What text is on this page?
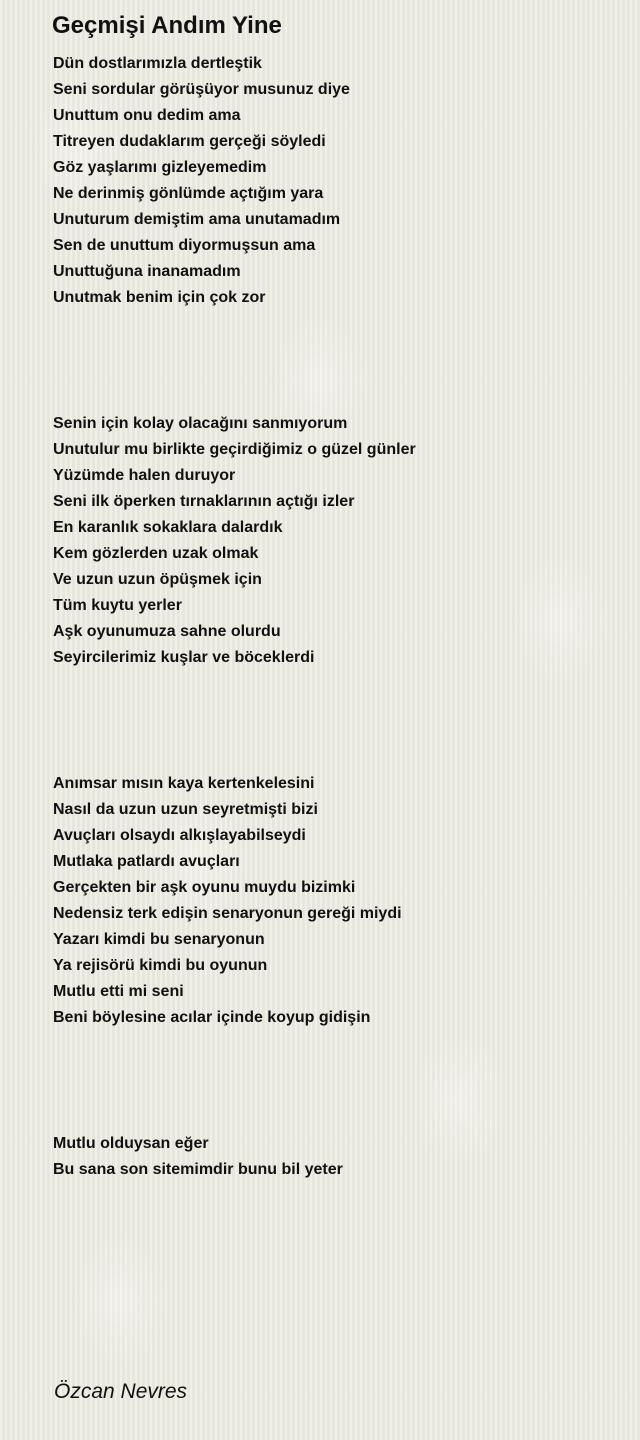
Geçmişi Andım Yine
Dün dostlarımızla dertleştik
Seni sordular görüşüyor musunuz diye
Unuttum onu dedim ama
Titreyen dudaklarım gerçeği söyledi
Göz yaşlarımı gizleyemedim
Ne derinmiş gönlümde açtığım yara
Unuturum demiştim ama unutamadım
Sen de unuttum diyormuşsun ama
Unuttuğuna inanamadım
Unutmak benim için çok zor
Senin için kolay olacağını sanmıyorum
Unutulur mu birlikte geçirdiğimiz o güzel günler
Yüzümde halen duruyor
Seni ilk öperken tırnaklarının açtığı izler
En karanlık sokaklara dalardık
Kem gözlerden uzak olmak
Ve uzun uzun öpüşmek için
Tüm kuytu yerler
Aşk oyunumuza sahne olurdu
Seyircilerimiz kuşlar ve böceklerdi
Anımsar mısın kaya kertenkelesini
Nasıl da uzun uzun seyretmişti bizi
Avuçları olsaydı alkışlayabilseydi
Mutlaka patlardı avuçları
Gerçekten bir aşk oyunu muydu bizimki
Nedensiz terk edişin senaryonun gereği miydi
Yazarı kimdi bu senaryonun
Ya rejisörü kimdi bu oyunun
Mutlu etti mi seni
Beni böylesine acılar içinde koyup gidişin
Mutlu olduysan eğer
Bu sana son sitemimdir bunu bil yeter
Özcan Nevres
